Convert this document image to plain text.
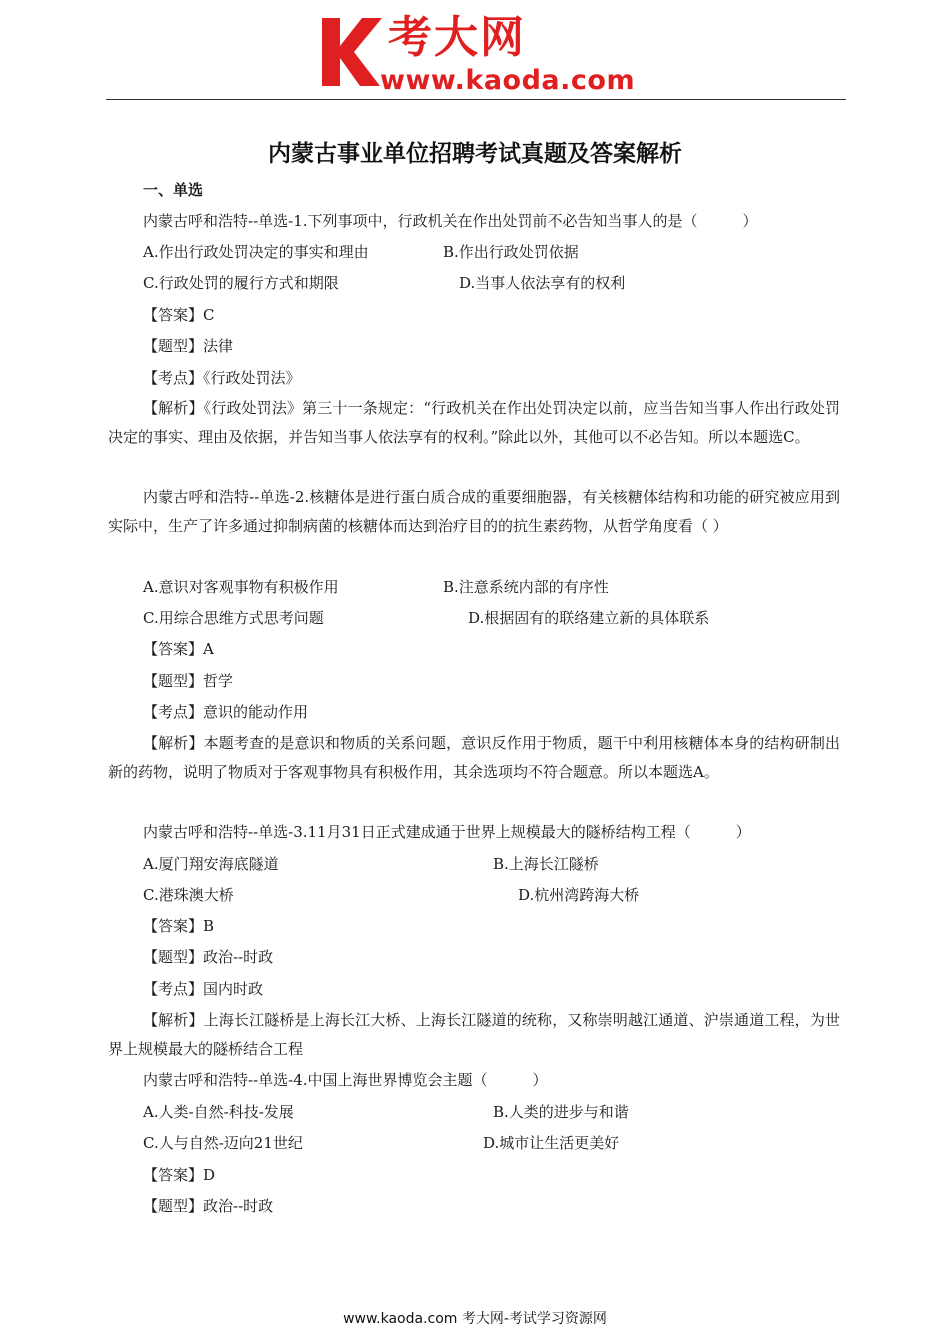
考大网
www.kaoda.com
内蒙古事业单位招聘考试真题及答案解析
一、单选
内蒙古呼和浩特--单选-1.下列事项中，行政机关在作出处罚前不必告知当事人的是（　　　）
A.作出行政处罚决定的事实和理由	B.作出行政处罚依据
C.行政处罚的履行方式和期限	D.当事人依法享有的权利
【答案】C
【题型】法律
【考点】《行政处罚法》
【解析】《行政处罚法》第三十一条规定：“行政机关在作出处罚决定以前，应当告知当事人作出行政处罚决定的事实、理由及依据，并告知当事人依法享有的权利。”除此以外，其他可以不必告知。所以本题选C。
内蒙古呼和浩特--单选-2.核糖体是进行蛋白质合成的重要细胞器，有关核糖体结构和功能的研究被应用到实际中，生产了许多通过抑制病菌的核糖体而达到治疗目的的抗生素药物，从哲学角度看（ ）
A.意识对客观事物有积极作用	B.注意系统内部的有序性
C.用综合思维方式思考问题	D.根据固有的联络建立新的具体联系
【答案】A
【题型】哲学
【考点】意识的能动作用
【解析】本题考查的是意识和物质的关系问题，意识反作用于物质，题干中利用核糖体本身的结构研制出新的药物，说明了物质对于客观事物具有积极作用，其余选项均不符合题意。所以本题选A。
内蒙古呼和浩特--单选-3.11月31日正式建成通于世界上规模最大的隧桥结构工程（　　　）
A.厦门翔安海底隧道	B.上海长江隧桥
C.港珠澳大桥	D.杭州湾跨海大桥
【答案】B
【题型】政治--时政
【考点】国内时政
【解析】上海长江隧桥是上海长江大桥、上海长江隧道的统称，又称崇明越江通道、沪崇通道工程，为世界上规模最大的隧桥结合工程
内蒙古呼和浩特--单选-4.中国上海世界博览会主题（　　　）
A.人类-自然-科技-发展	B.人类的进步与和谐
C.人与自然-迈向21世纪	D.城市让生活更美好
【答案】D
【题型】政治--时政
www.kaoda.com 考大网-考试学习资源网
